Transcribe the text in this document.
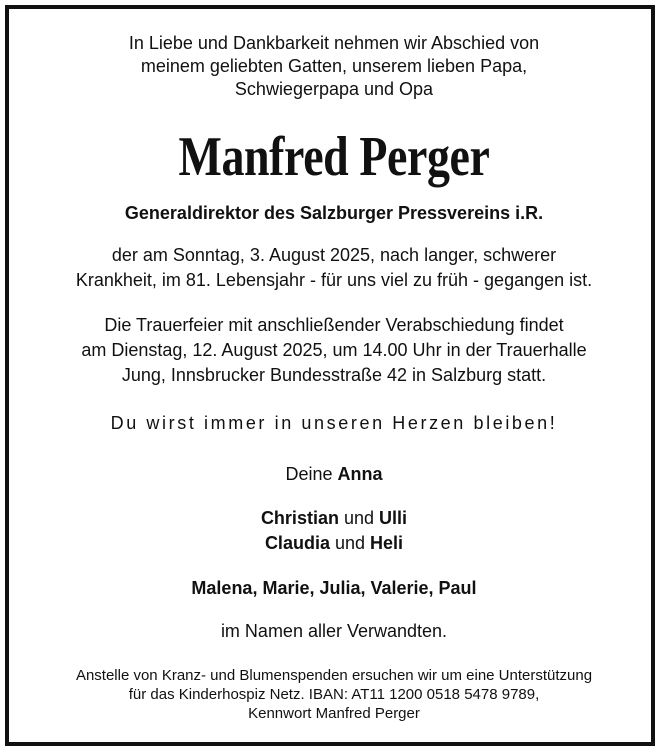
In Liebe und Dankbarkeit nehmen wir Abschied von
meinem geliebten Gatten, unserem lieben Papa,
Schwiegerpapa und Opa
Manfred Perger
Generaldirektor des Salzburger Pressvereins i.R.
der am Sonntag, 3. August 2025, nach langer, schwerer
Krankheit, im 81. Lebensjahr - für uns viel zu früh - gegangen ist.
Die Trauerfeier mit anschließender Verabschiedung findet
am Dienstag, 12. August 2025, um 14.00 Uhr in der Trauerhalle
Jung, Innsbrucker Bundesstraße 42 in Salzburg statt.
Du wirst immer in unseren Herzen bleiben!
Deine Anna
Christian und Ulli
Claudia und Heli
Malena, Marie, Julia, Valerie, Paul
im Namen aller Verwandten.
Anstelle von Kranz- und Blumenspenden ersuchen wir um eine Unterstützung
für das Kinderhospiz Netz. IBAN: AT11 1200 0518 5478 9789,
Kennwort Manfred Perger
